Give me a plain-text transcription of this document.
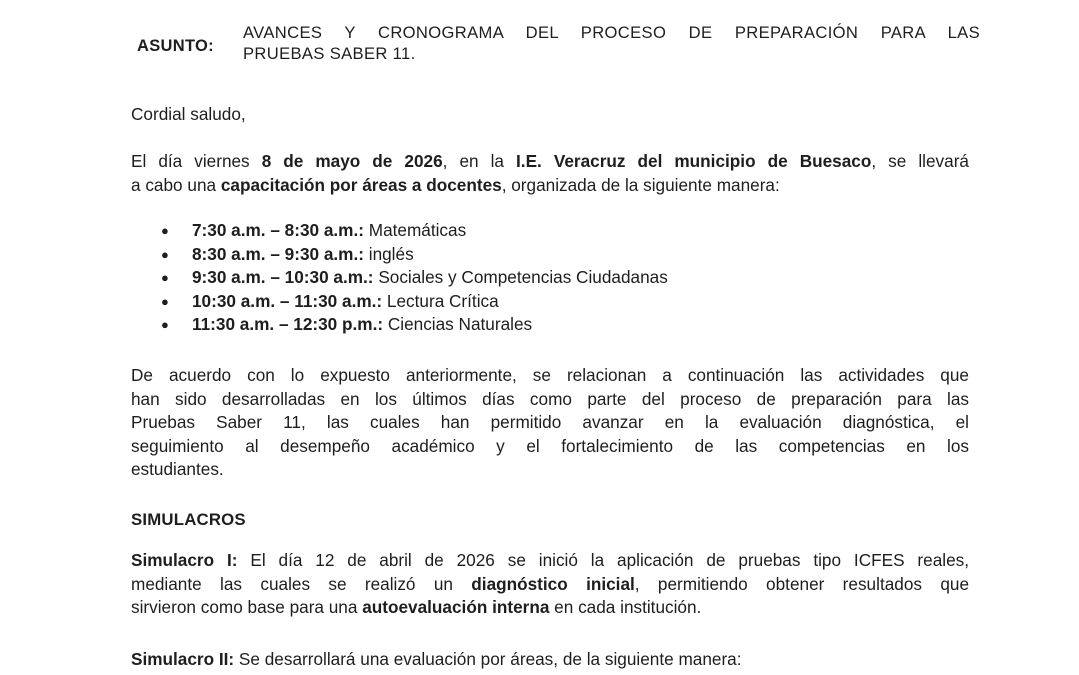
ASUNTO:
AVANCES Y CRONOGRAMA DEL PROCESO DE PREPARACIÓN PARA LAS
PRUEBAS SABER 11.
Cordial saludo,
El día viernes 8 de mayo de 2026, en la I.E. Veracruz del municipio de Buesaco, se llevará
a cabo una capacitación por áreas a docentes, organizada de la siguiente manera:
● 7:30 a.m. – 8:30 a.m.: Matemáticas
● 8:30 a.m. – 9:30 a.m.: inglés
● 9:30 a.m. – 10:30 a.m.: Sociales y Competencias Ciudadanas
● 10:30 a.m. – 11:30 a.m.: Lectura Crítica
● 11:30 a.m. – 12:30 p.m.: Ciencias Naturales
De acuerdo con lo expuesto anteriormente, se relacionan a continuación las actividades que
han sido desarrolladas en los últimos días como parte del proceso de preparación para las
Pruebas Saber 11, las cuales han permitido avanzar en la evaluación diagnóstica, el
seguimiento al desempeño académico y el fortalecimiento de las competencias en los
estudiantes.
SIMULACROS
Simulacro I: El día 12 de abril de 2026 se inició la aplicación de pruebas tipo ICFES reales,
mediante las cuales se realizó un diagnóstico inicial, permitiendo obtener resultados que
sirvieron como base para una autoevaluación interna en cada institución.
Simulacro II: Se desarrollará una evaluación por áreas, de la siguiente manera:
